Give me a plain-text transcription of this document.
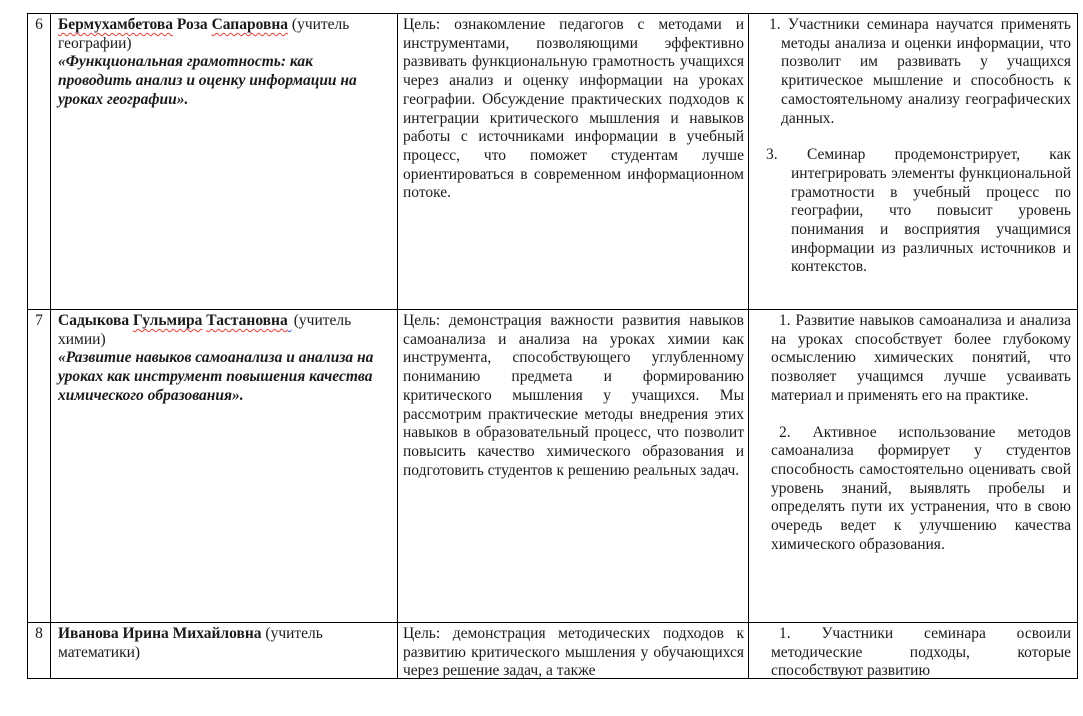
6 Бермухамбетова Роза Сапаровна (учитель географии)

«Функциональная грамотность: как проводить анализ и оценку информации на уроках географии».

Цель: ознакомление педагогов с методами и инструментами, позволяющими эффективно развивать функциональную грамотность учащихся через анализ и оценку информации на уроках географии. Обсуждение практических подходов к интеграции критического мышления и навыков работы с источниками информации в учебный процесс, что поможет студентам лучше ориентироваться в современном информационном потоке.

1. Участники семинара научатся применять методы анализа и оценки информации, что позволит им развивать у учащихся критическое мышление и способность к самостоятельному анализу географических данных.

3. Семинар продемонстрирует, как интегрировать элементы функциональной грамотности в учебный процесс по географии, что повысит уровень понимания и восприятия учащимися информации из различных источников и контекстов.

7 Садыкова Гульмира Тастановна (учитель химии)

«Развитие навыков самоанализа и анализа на уроках как инструмент повышения качества химического образования».

Цель: демонстрация важности развития навыков самоанализа и анализа на уроках химии как инструмента, способствующего углубленному пониманию предмета и формированию критического мышления у учащихся. Мы рассмотрим практические методы внедрения этих навыков в образовательный процесс, что позволит повысить качество химического образования и подготовить студентов к решению реальных задач.

1. Развитие навыков самоанализа и анализа на уроках способствует более глубокому осмыслению химических понятий, что позволяет учащимся лучше усваивать материал и применять его на практике.

2. Активное использование методов самоанализа формирует у студентов способность самостоятельно оценивать свой уровень знаний, выявлять пробелы и определять пути их устранения, что в свою очередь ведет к улучшению качества химического образования.

8 Иванова Ирина Михайловна (учитель математики)

Цель: демонстрация методических подходов к развитию критического мышления у обучающихся через решение задач, а также

1. Участники семинара освоили методические подходы, которые способствуют развитию
